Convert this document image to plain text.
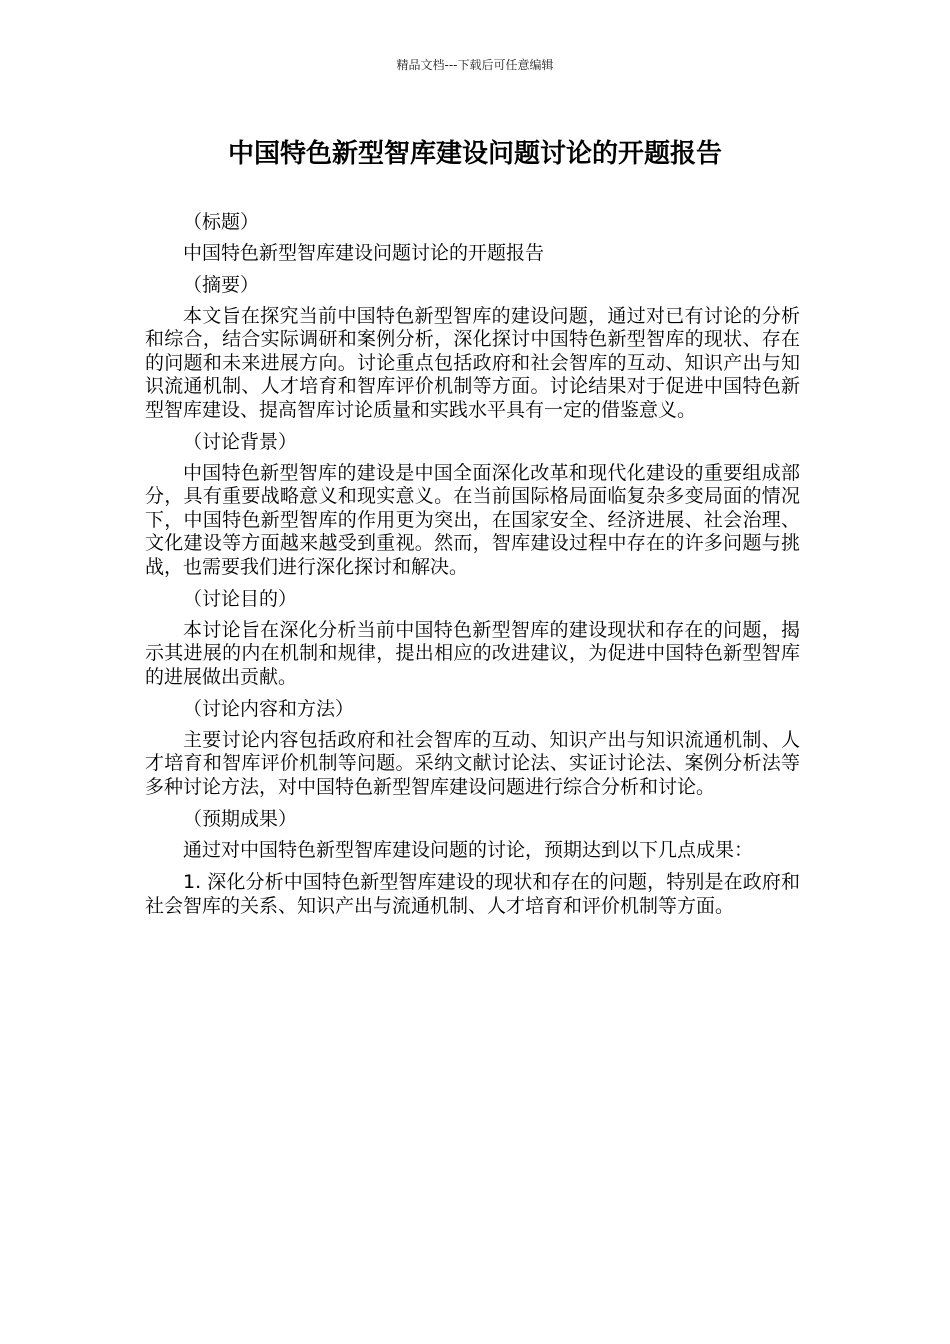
精品文档---下载后可任意编辑
中国特色新型智库建设问题讨论的开题报告

（标题）

中国特色新型智库建设问题讨论的开题报告

（摘要）

本文旨在探究当前中国特色新型智库的建设问题，通过对已有讨论的分析和综合，结合实际调研和案例分析，深化探讨中国特色新型智库的现状、存在的问题和未来进展方向。讨论重点包括政府和社会智库的互动、知识产出与知识流通机制、人才培育和智库评价机制等方面。讨论结果对于促进中国特色新型智库建设、提高智库讨论质量和实践水平具有一定的借鉴意义。

（讨论背景）

中国特色新型智库的建设是中国全面深化改革和现代化建设的重要组成部分，具有重要战略意义和现实意义。在当前国际格局面临复杂多变局面的情况下，中国特色新型智库的作用更为突出，在国家安全、经济进展、社会治理、文化建设等方面越来越受到重视。然而，智库建设过程中存在的许多问题与挑战，也需要我们进行深化探讨和解决。

（讨论目的）

本讨论旨在深化分析当前中国特色新型智库的建设现状和存在的问题，揭示其进展的内在机制和规律，提出相应的改进建议，为促进中国特色新型智库的进展做出贡献。

（讨论内容和方法）

主要讨论内容包括政府和社会智库的互动、知识产出与知识流通机制、人才培育和智库评价机制等问题。采纳文献讨论法、实证讨论法、案例分析法等多种讨论方法，对中国特色新型智库建设问题进行综合分析和讨论。

（预期成果）

通过对中国特色新型智库建设问题的讨论，预期达到以下几点成果：

1. 深化分析中国特色新型智库建设的现状和存在的问题，特别是在政府和社会智库的关系、知识产出与流通机制、人才培育和评价机制等方面。
